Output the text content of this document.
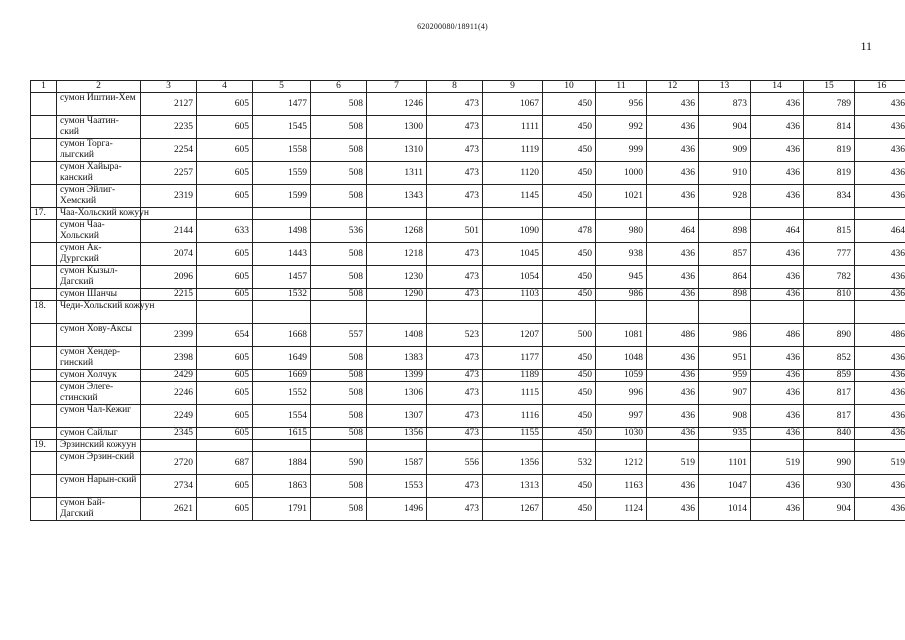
620200080/18911(4)
11
1	2	3	4	5	6	7	8	9	10	11	12	13	14	15	16
	сумон Иштии-Хем	2127	605	1477	508	1246	473	1067	450	956	436	873	436	789	436
	сумон Чаатин-ский	2235	605	1545	508	1300	473	1111	450	992	436	904	436	814	436
	сумон Торга-лыгский	2254	605	1558	508	1310	473	1119	450	999	436	909	436	819	436
	сумон Хайыра-канский	2257	605	1559	508	1311	473	1120	450	1000	436	910	436	819	436
	сумон Эйлиг-Хемский	2319	605	1599	508	1343	473	1145	450	1021	436	928	436	834	436
17.	Чаа-Хольский кожуун														
	сумон Чаа-Хольский	2144	633	1498	536	1268	501	1090	478	980	464	898	464	815	464
	сумон Ак-Дургский	2074	605	1443	508	1218	473	1045	450	938	436	857	436	777	436
	сумон Кызыл-Дагский	2096	605	1457	508	1230	473	1054	450	945	436	864	436	782	436
	сумон Шанчы	2215	605	1532	508	1290	473	1103	450	986	436	898	436	810	436
18.	Чеди-Хольский кожуун														
	сумон Хову-Аксы	2399	654	1668	557	1408	523	1207	500	1081	486	986	486	890	486
	сумон Хендер-гинский	2398	605	1649	508	1383	473	1177	450	1048	436	951	436	852	436
	сумон Холчук	2429	605	1669	508	1399	473	1189	450	1059	436	959	436	859	436
	сумон Элеге-стинский	2246	605	1552	508	1306	473	1115	450	996	436	907	436	817	436
	сумон Чал-Кежиг	2249	605	1554	508	1307	473	1116	450	997	436	908	436	817	436
	сумон Сайлыг	2345	605	1615	508	1356	473	1155	450	1030	436	935	436	840	436
19.	Эрзинский кожуун														
	сумон Эрзин-ский	2720	687	1884	590	1587	556	1356	532	1212	519	1101	519	990	519
	сумон Нарын-ский	2734	605	1863	508	1553	473	1313	450	1163	436	1047	436	930	436
	сумон Бай-Дагский	2621	605	1791	508	1496	473	1267	450	1124	436	1014	436	904	436
